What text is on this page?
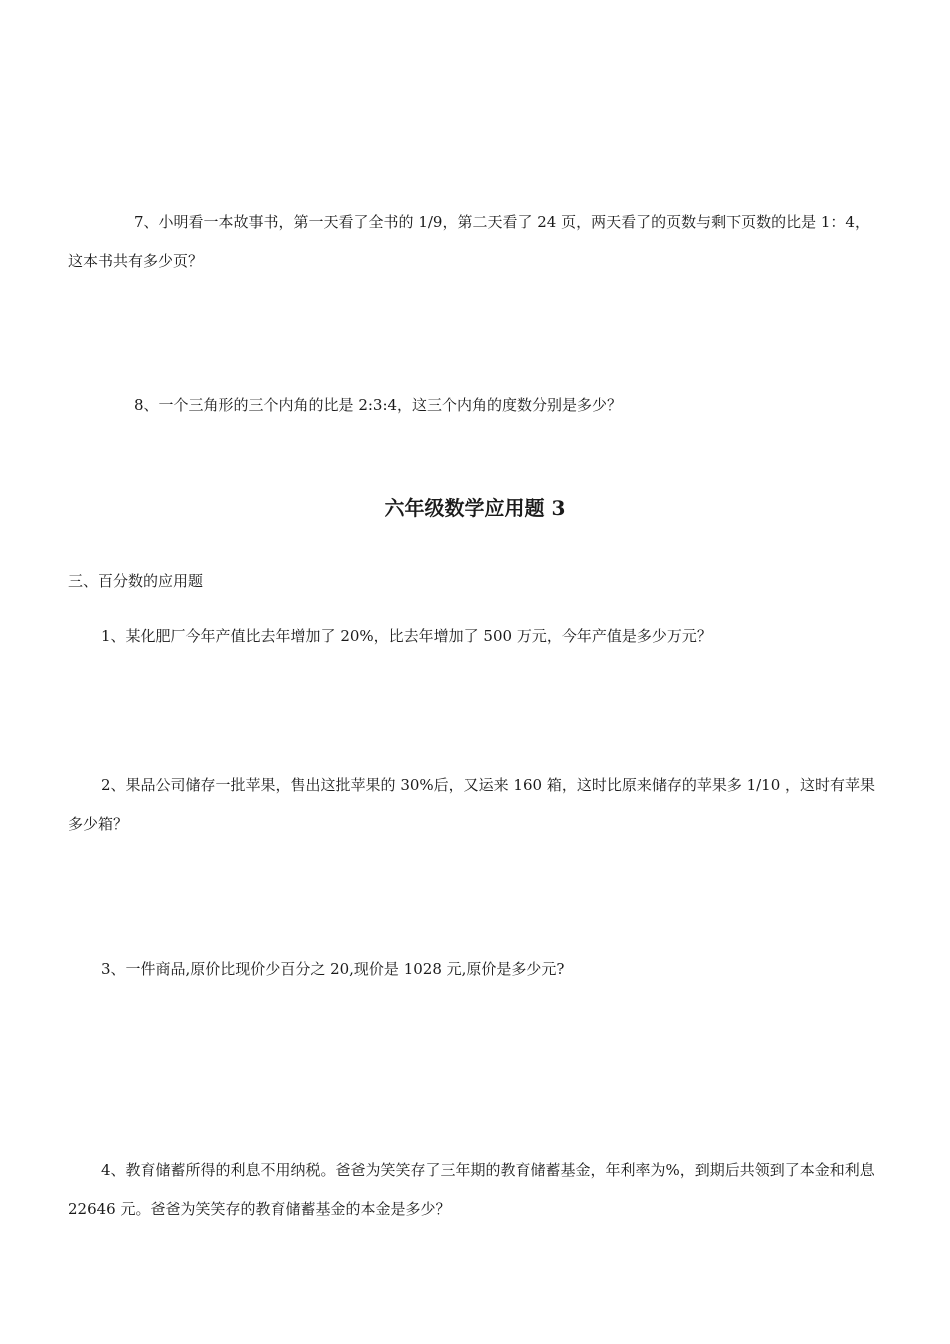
7、小明看一本故事书，第一天看了全书的 1/9，第二天看了 24 页，两天看了的页数与剩下页数的比是 1：4，这本书共有多少页？

8、一个三角形的三个内角的比是 2:3:4，这三个内角的度数分别是多少？

六年级数学应用题 3

三、百分数的应用题

1、某化肥厂今年产值比去年增加了 20%，比去年增加了 500 万元，今年产值是多少万元？

2、果品公司储存一批苹果，售出这批苹果的 30%后，又运来 160 箱，这时比原来储存的苹果多 1/10 ，这时有苹果多少箱？

3、一件商品,原价比现价少百分之 20,现价是 1028 元,原价是多少元?

4、教育储蓄所得的利息不用纳税。爸爸为笑笑存了三年期的教育储蓄基金，年利率为%，到期后共领到了本金和利息 22646 元。爸爸为笑笑存的教育储蓄基金的本金是多少？
